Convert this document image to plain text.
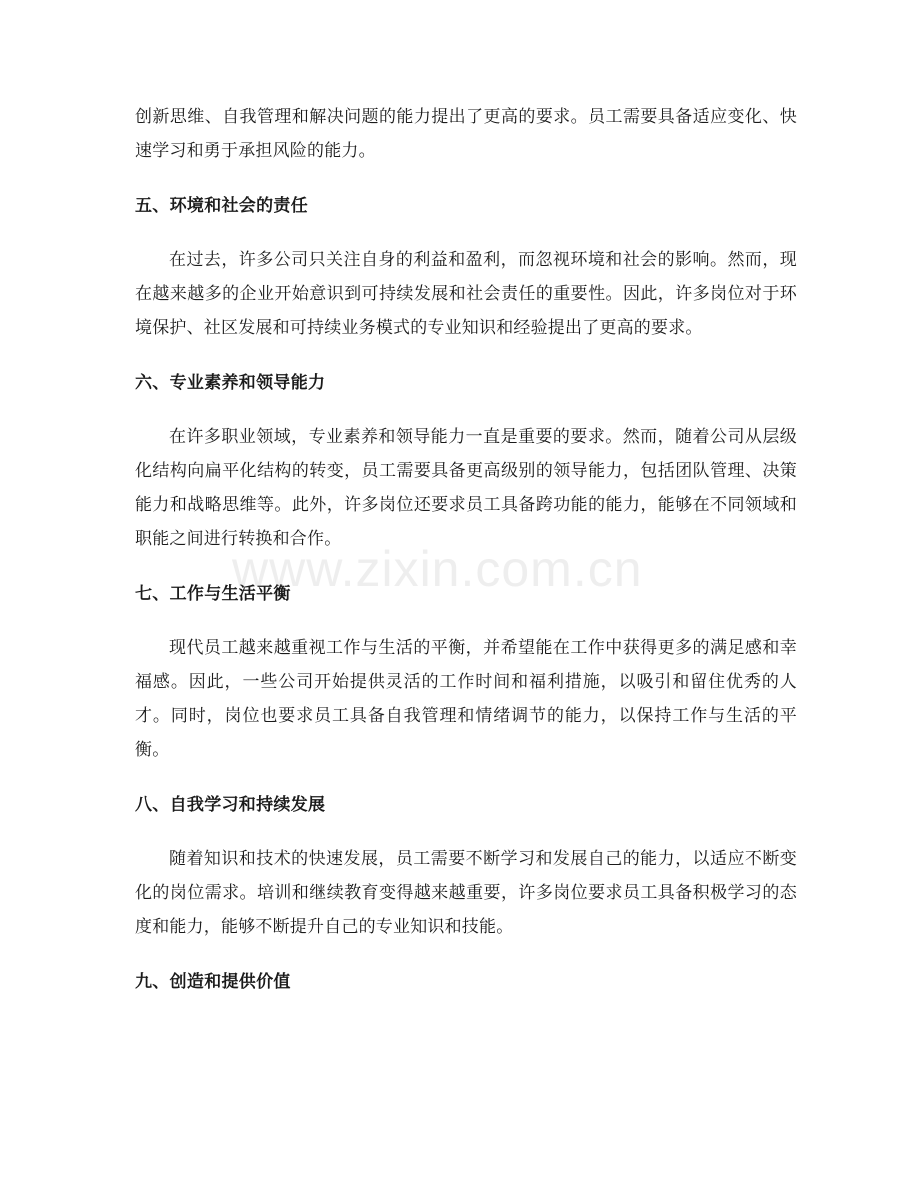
创新思维、自我管理和解决问题的能力提出了更高的要求。员工需要具备适应变化、快速学习和勇于承担风险的能力。

五、环境和社会的责任

在过去，许多公司只关注自身的利益和盈利，而忽视环境和社会的影响。然而，现在越来越多的企业开始意识到可持续发展和社会责任的重要性。因此，许多岗位对于环境保护、社区发展和可持续业务模式的专业知识和经验提出了更高的要求。

六、专业素养和领导能力

在许多职业领域，专业素养和领导能力一直是重要的要求。然而，随着公司从层级化结构向扁平化结构的转变，员工需要具备更高级别的领导能力，包括团队管理、决策能力和战略思维等。此外，许多岗位还要求员工具备跨功能的能力，能够在不同领域和职能之间进行转换和合作。

七、工作与生活平衡

现代员工越来越重视工作与生活的平衡，并希望能在工作中获得更多的满足感和幸福感。因此，一些公司开始提供灵活的工作时间和福利措施，以吸引和留住优秀的人才。同时，岗位也要求员工具备自我管理和情绪调节的能力，以保持工作与生活的平衡。

八、自我学习和持续发展

随着知识和技术的快速发展，员工需要不断学习和发展自己的能力，以适应不断变化的岗位需求。培训和继续教育变得越来越重要，许多岗位要求员工具备积极学习的态度和能力，能够不断提升自己的专业知识和技能。

九、创造和提供价值
www.zixin.com.cn
